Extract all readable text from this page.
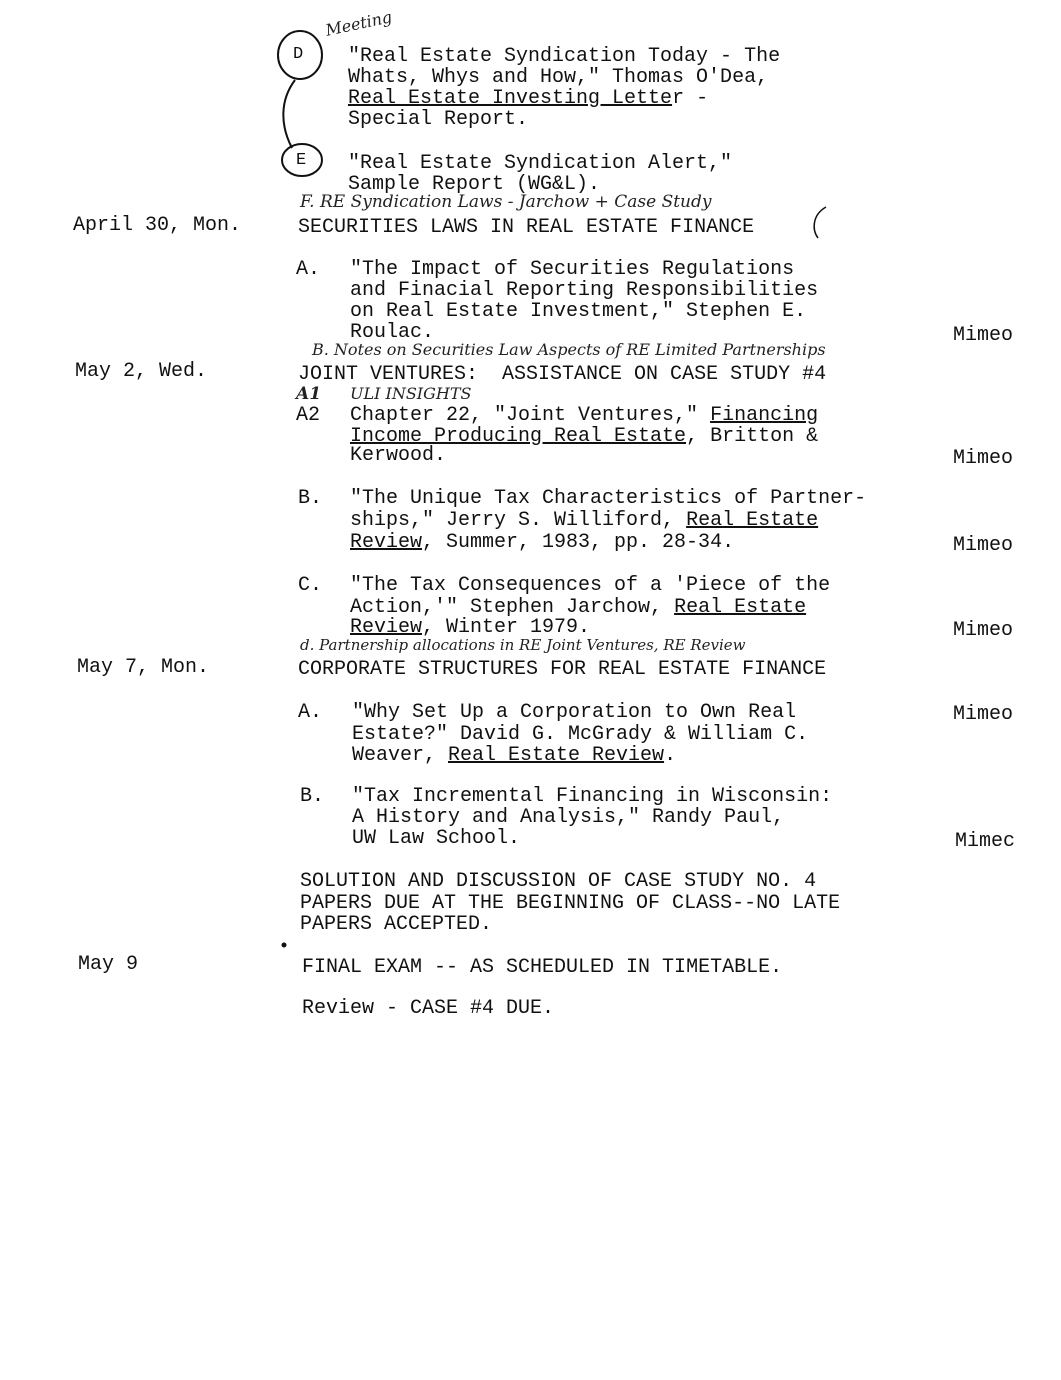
D
Meeting
"Real Estate Syndication Today - The
Whats, Whys and How," Thomas O'Dea,
Real Estate Investing Letter -
Special Report.
E "Real Estate Syndication Alert,"
Sample Report (WG&L).
F. RE Syndication Laws - Jarchow + Case Study
April 30, Mon.	SECURITIES LAWS IN REAL ESTATE FINANCE
A. "The Impact of Securities Regulations
and Finacial Reporting Responsibilities
on Real Estate Investment," Stephen E.
Roulac.	Mimeo
B. Notes on Securities Law Aspects of RE Limited Partnerships
May 2, Wed.	JOINT VENTURES:  ASSISTANCE ON CASE STUDY #4
A1 ULI INSIGHTS
A2 Chapter 22, "Joint Ventures," Financing
Income Producing Real Estate, Britton &
Kerwood.	Mimeo
B. "The Unique Tax Characteristics of Partner-
ships," Jerry S. Williford, Real Estate
Review, Summer, 1983, pp. 28-34.	Mimeo
C. "The Tax Consequences of a 'Piece of the
Action,'" Stephen Jarchow, Real Estate
Review, Winter 1979.	Mimeo
d. Partnership allocations in RE Joint Ventures, RE Review
May 7, Mon.	CORPORATE STRUCTURES FOR REAL ESTATE FINANCE
A. "Why Set Up a Corporation to Own Real	Mimeo
Estate?" David G. McGrady & William C.
Weaver, Real Estate Review.
B. "Tax Incremental Financing in Wisconsin:
A History and Analysis," Randy Paul,
UW Law School.	Mimec
SOLUTION AND DISCUSSION OF CASE STUDY NO. 4
PAPERS DUE AT THE BEGINNING OF CLASS--NO LATE
PAPERS ACCEPTED.
May 9	FINAL EXAM -- AS SCHEDULED IN TIMETABLE.
Review - CASE #4 DUE.
